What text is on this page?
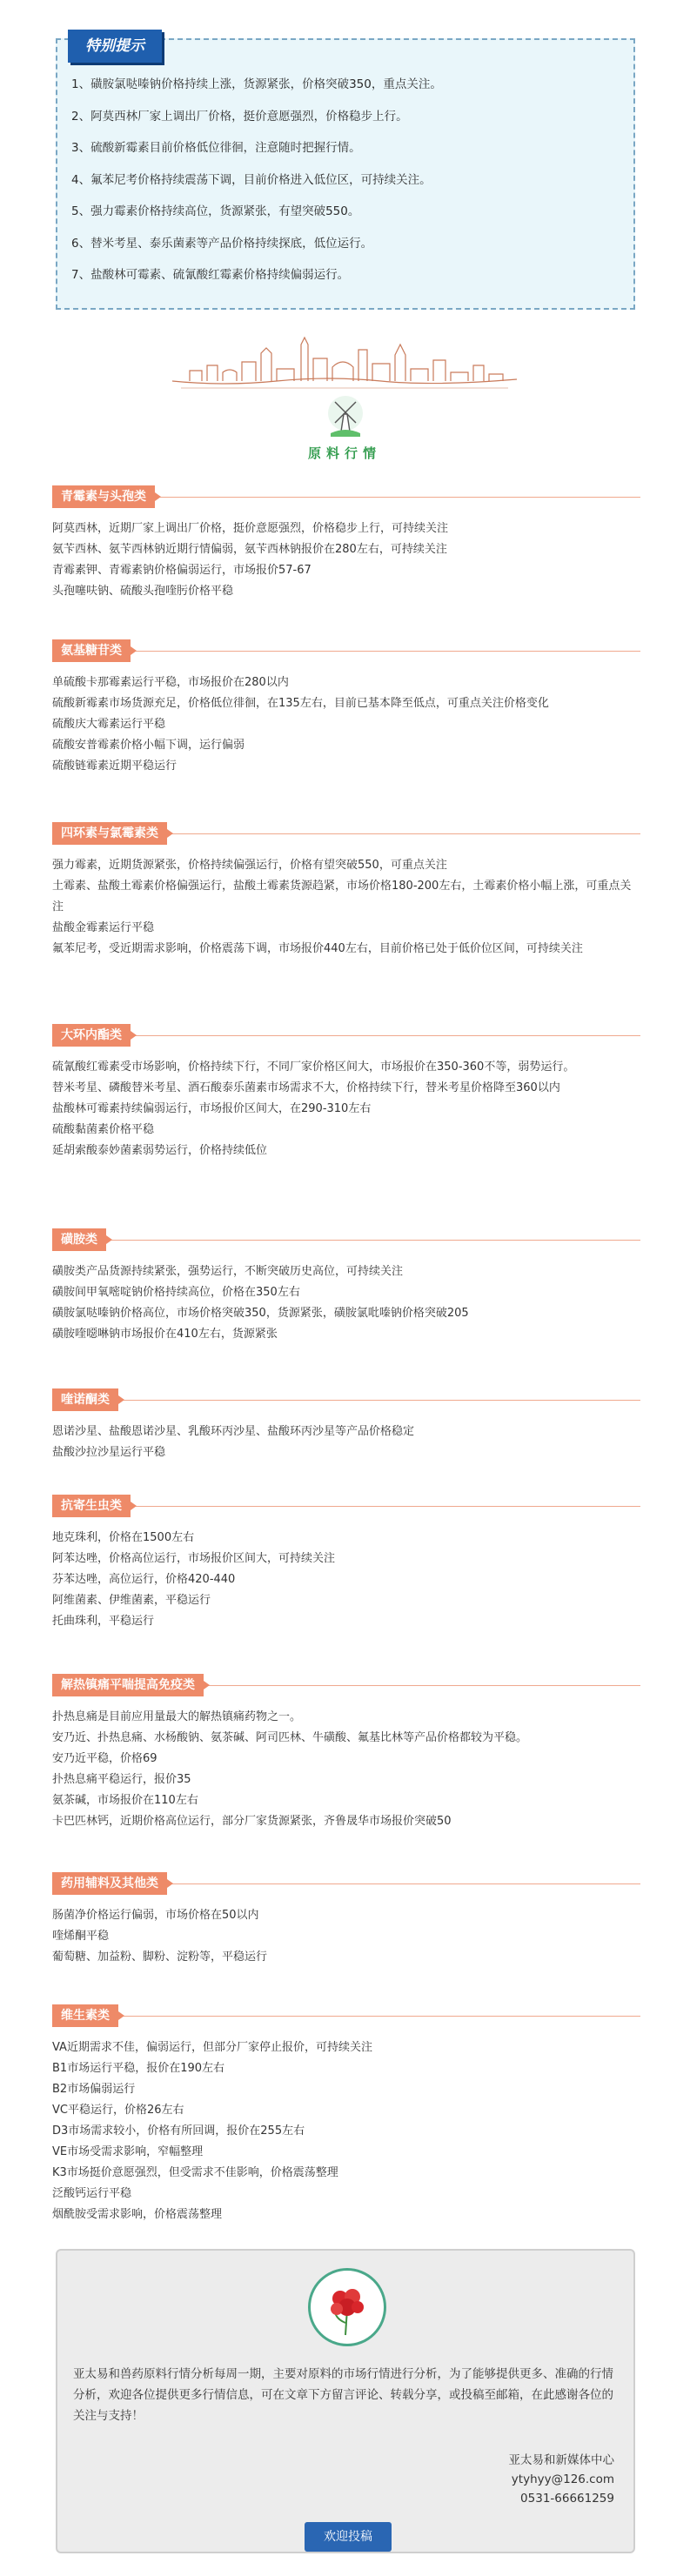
特别提示
1、磺胺氯哒嗪钠价格持续上涨，货源紧张，价格突破350，重点关注。
2、阿莫西林厂家上调出厂价格，挺价意愿强烈，价格稳步上行。
3、硫酸新霉素目前价格低位徘徊，注意随时把握行情。
4、氟苯尼考价格持续震荡下调，目前价格进入低位区，可持续关注。
5、强力霉素价格持续高位，货源紧张，有望突破550。
6、替米考星、泰乐菌素等产品价格持续探底，低位运行。
7、盐酸林可霉素、硫氰酸红霉素价格持续偏弱运行。
原料行情
青霉素与头孢类

阿莫西林，近期厂家上调出厂价格，挺价意愿强烈，价格稳步上行，可持续关注

氨苄西林、氨苄西林钠近期行情偏弱，氨苄西林钠报价在280左右，可持续关注

青霉素钾、青霉素钠价格偏弱运行，市场报价57-67

头孢噻呋钠、硫酸头孢喹肟价格平稳

氨基糖苷类

单硫酸卡那霉素运行平稳，市场报价在280以内

硫酸新霉素市场货源充足，价格低位徘徊，在135左右，目前已基本降至低点，可重点关注价格变化

硫酸庆大霉素运行平稳

硫酸安普霉素价格小幅下调，运行偏弱

硫酸链霉素近期平稳运行

四环素与氯霉素类

强力霉素，近期货源紧张，价格持续偏强运行，价格有望突破550，可重点关注

土霉素、盐酸土霉素价格偏强运行，盐酸土霉素货源趋紧，市场价格180-200左右，土霉素价格小幅上涨，可重点关注

盐酸金霉素运行平稳

氟苯尼考，受近期需求影响，价格震荡下调，市场报价440左右，目前价格已处于低价位区间，可持续关注

大环内酯类

硫氰酸红霉素受市场影响，价格持续下行，不同厂家价格区间大，市场报价在350-360不等，弱势运行。

替米考星、磷酸替米考星、酒石酸泰乐菌素市场需求不大，价格持续下行，替米考星价格降至360以内

盐酸林可霉素持续偏弱运行，市场报价区间大，在290-310左右

硫酸黏菌素价格平稳

延胡索酸泰妙菌素弱势运行，价格持续低位

磺胺类

磺胺类产品货源持续紧张，强势运行，不断突破历史高位，可持续关注

磺胺间甲氧嘧啶钠价格持续高位，价格在350左右

磺胺氯哒嗪钠价格高位，市场价格突破350，货源紧张，磺胺氯吡嗪钠价格突破205

磺胺喹噁啉钠市场报价在410左右，货源紧张

喹诺酮类

恩诺沙星、盐酸恩诺沙星、乳酸环丙沙星、盐酸环丙沙星等产品价格稳定

盐酸沙拉沙星运行平稳

抗寄生虫类

地克珠利，价格在1500左右

阿苯达唑，价格高位运行，市场报价区间大，可持续关注

芬苯达唑，高位运行，价格420-440

阿维菌素、伊维菌素，平稳运行

托曲珠利，平稳运行

解热镇痛平喘提高免疫类

扑热息痛是目前应用量最大的解热镇痛药物之一。

安乃近、扑热息痛、水杨酸钠、氨茶碱、阿司匹林、牛磺酸、氟基比林等产品价格都较为平稳。

安乃近平稳，价格69

扑热息痛平稳运行，报价35

氨茶碱，市场报价在110左右

卡巴匹林钙，近期价格高位运行，部分厂家货源紧张，齐鲁晟华市场报价突破50

药用辅料及其他类

肠菌净价格运行偏弱，市场价格在50以内

喹烯酮平稳

葡萄糖、加益粉、脚粉、淀粉等，平稳运行

维生素类

VA近期需求不佳，偏弱运行，但部分厂家停止报价，可持续关注

B1市场运行平稳，报价在190左右

B2市场偏弱运行

VC平稳运行，价格26左右

D3市场需求较小，价格有所回调，报价在255左右

VE市场受需求影响，窄幅整理

K3市场挺价意愿强烈，但受需求不佳影响，价格震荡整理

泛酸钙运行平稳

烟酰胺受需求影响，价格震荡整理

亚太易和兽药原料行情分析每周一期，主要对原料的市场行情进行分析，为了能够提供更多、准确的行情分析，欢迎各位提供更多行情信息，可在文章下方留言评论、转载分享，或投稿至邮箱，在此感谢各位的关注与支持！
亚太易和新媒体中心
ytyhyy@126.com
0531-66661259
欢迎投稿
